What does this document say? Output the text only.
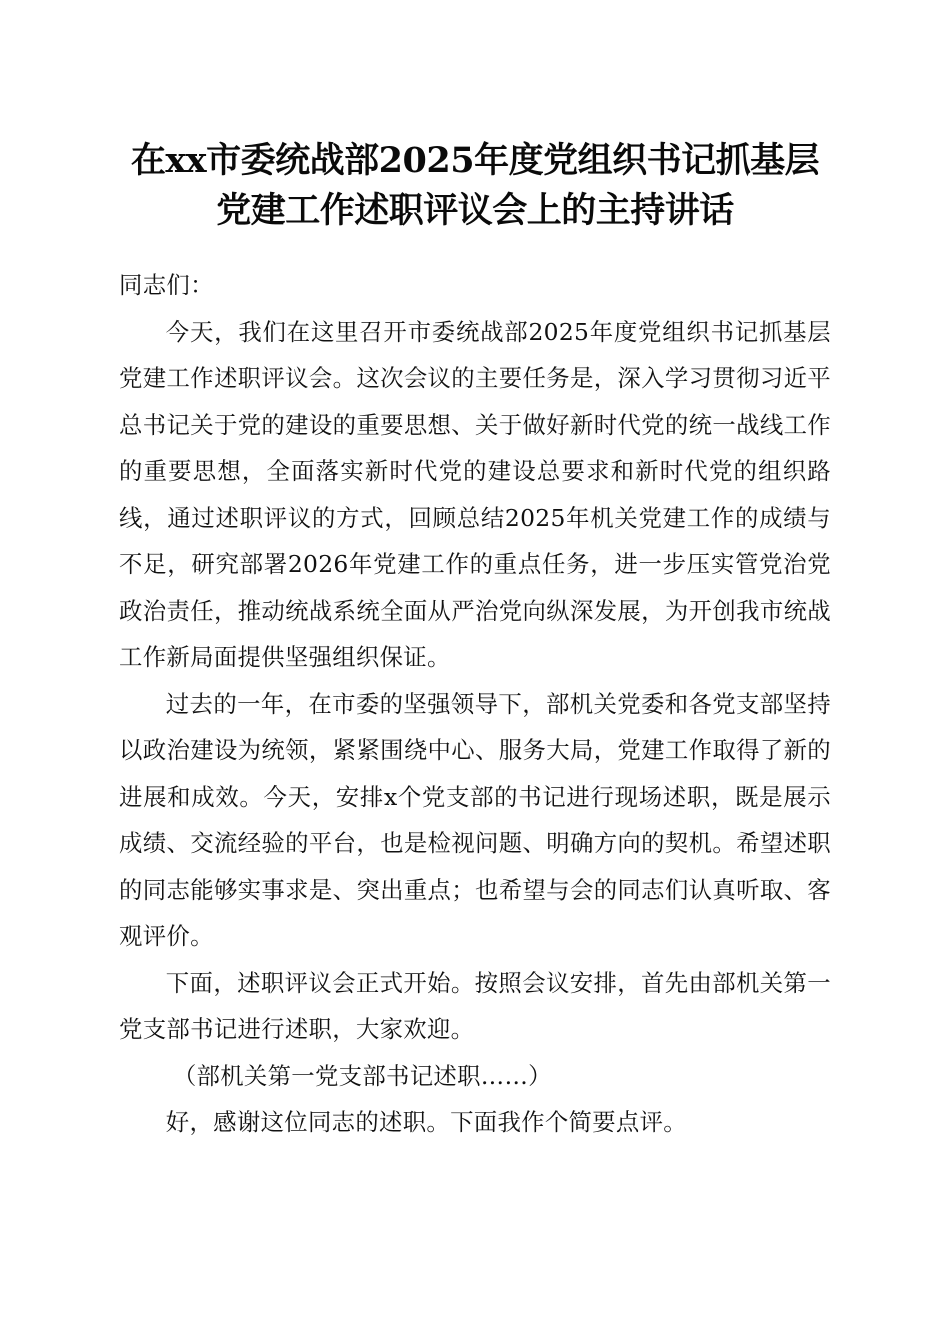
在xx市委统战部2025年度党组织书记抓基层
党建工作述职评议会上的主持讲话

同志们：

今天，我们在这里召开市委统战部2025年度党组织书记抓基层党建工作述职评议会。这次会议的主要任务是，深入学习贯彻习近平总书记关于党的建设的重要思想、关于做好新时代党的统一战线工作的重要思想，全面落实新时代党的建设总要求和新时代党的组织路线，通过述职评议的方式，回顾总结2025年机关党建工作的成绩与不足，研究部署2026年党建工作的重点任务，进一步压实管党治党政治责任，推动统战系统全面从严治党向纵深发展，为开创我市统战工作新局面提供坚强组织保证。

过去的一年，在市委的坚强领导下，部机关党委和各党支部坚持以政治建设为统领，紧紧围绕中心、服务大局，党建工作取得了新的进展和成效。今天，安排x个党支部的书记进行现场述职，既是展示成绩、交流经验的平台，也是检视问题、明确方向的契机。希望述职的同志能够实事求是、突出重点；也希望与会的同志们认真听取、客观评价。

下面，述职评议会正式开始。按照会议安排，首先由部机关第一党支部书记进行述职，大家欢迎。

（部机关第一党支部书记述职……）

好，感谢这位同志的述职。下面我作个简要点评。
